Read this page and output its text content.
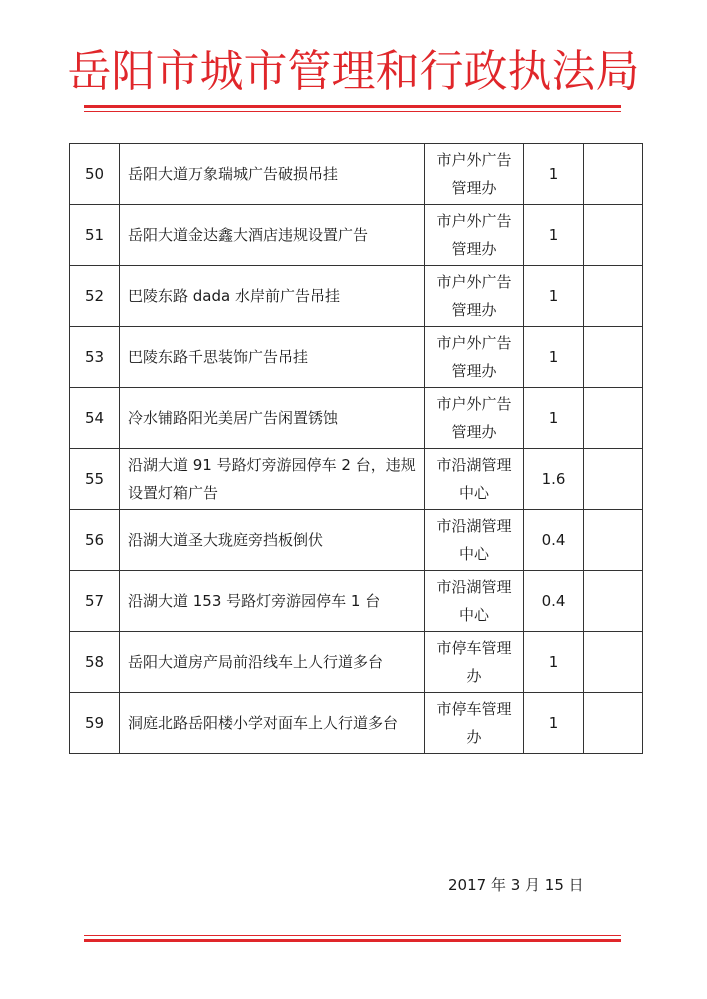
岳阳市城市管理和行政执法局
50	岳阳大道万象瑞城广告破损吊挂	市户外广告管理办	1	
51	岳阳大道金达鑫大酒店违规设置广告	市户外广告管理办	1	
52	巴陵东路 dada 水岸前广告吊挂	市户外广告管理办	1	
53	巴陵东路千思装饰广告吊挂	市户外广告管理办	1	
54	冷水铺路阳光美居广告闲置锈蚀	市户外广告管理办	1	
55	沿湖大道 91 号路灯旁游园停车 2 台，违规设置灯箱广告	市沿湖管理中心	1.6	
56	沿湖大道圣大珑庭旁挡板倒伏	市沿湖管理中心	0.4	
57	沿湖大道 153 号路灯旁游园停车 1 台	市沿湖管理中心	0.4	
58	岳阳大道房产局前沿线车上人行道多台	市停车管理办	1	
59	洞庭北路岳阳楼小学对面车上人行道多台	市停车管理办	1	
2017 年 3 月 15 日
